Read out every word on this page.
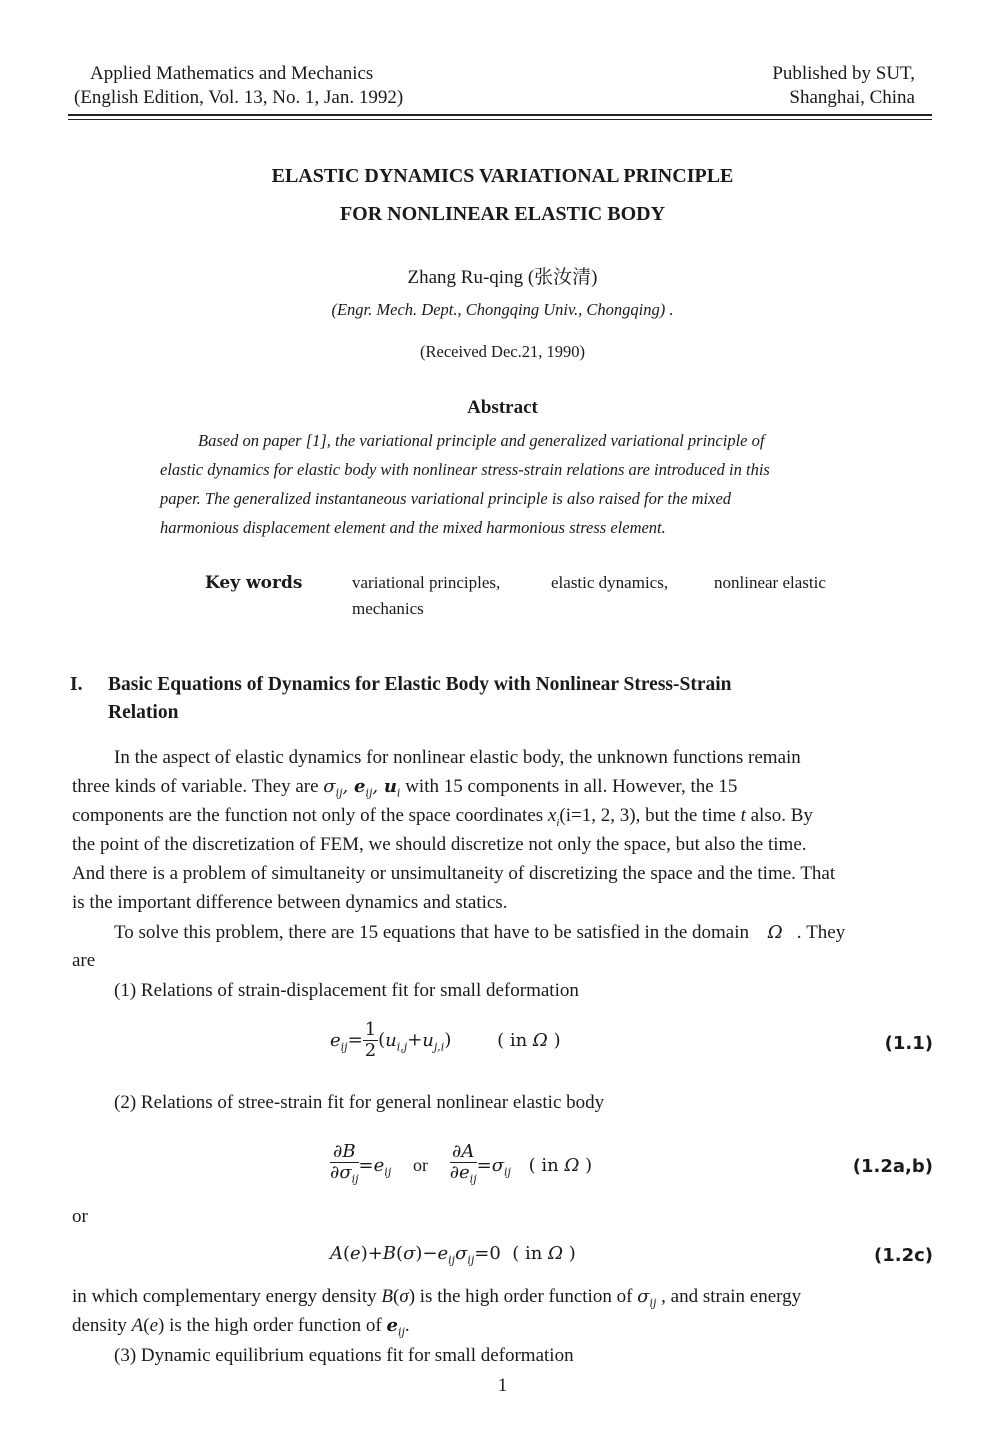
Applied Mathematics and Mechanics
(English Edition, Vol. 13, No. 1, Jan. 1992)
Published by SUT,
Shanghai, China
ELASTIC DYNAMICS VARIATIONAL PRINCIPLE
FOR NONLINEAR ELASTIC BODY
Zhang Ru-qing (张汝清)
(Engr. Mech. Dept., Chongqing Univ., Chongqing) .
(Received Dec.21, 1990)
Abstract
Based on paper [1], the variational principle and generalized variational principle of
elastic dynamics for elastic body with nonlinear stress-strain relations are introduced in this
paper. The generalized instantaneous variational principle is also raised for the mixed
harmonious displacement element and the mixed harmonious stress element.
Key words	variational principles,	elastic dynamics,	nonlinear elastic
mechanics
I. Basic Equations of Dynamics for Elastic Body with Nonlinear Stress-Strain
Relation
In the aspect of elastic dynamics for nonlinear elastic body, the unknown functions remain
three kinds of variable. They are $\sigma_{ij}$, $e_{ij}$, $u_i$ with 15 components in all. However, the 15
components are the function not only of the space coordinates $x_i(i=1$, 2, 3), but the time t also. By
the point of the discretization of FEM, we should discretize not only the space, but also the time.
And there is a problem of simultaneity or unsimultaneity of discretizing the space and the time. That
is the important difference between dynamics and statics.
To solve this problem, there are 15 equations that have to be satisfied in the domain Ω . They
are
(1) Relations of strain-displacement fit for small deformation
$e_{ij}= \frac{1}{2} (u_{i,j}+u_{j,i})$ ( in Ω )	(1.1)
(2) Relations of stree-strain fit for general nonlinear elastic body
$\frac{\partial B}{\partial\sigma_{ij}} =e_{ij}$ or $\frac{\partial A}{\partial e_{ij}} =\sigma_{ij}$ ( in Ω )	(1.2a,b)
or
$A(e)+B(\sigma)-e_{ij}\sigma_{ij}=0$  ( in Ω )	(1.2c)
in which complementary energy density B(σ) is the high order function of $\sigma_{ij}$ , and strain energy
density A(e) is the high order function of $e_{ij}$.
(3) Dynamic equilibrium equations fit for small deformation
1
